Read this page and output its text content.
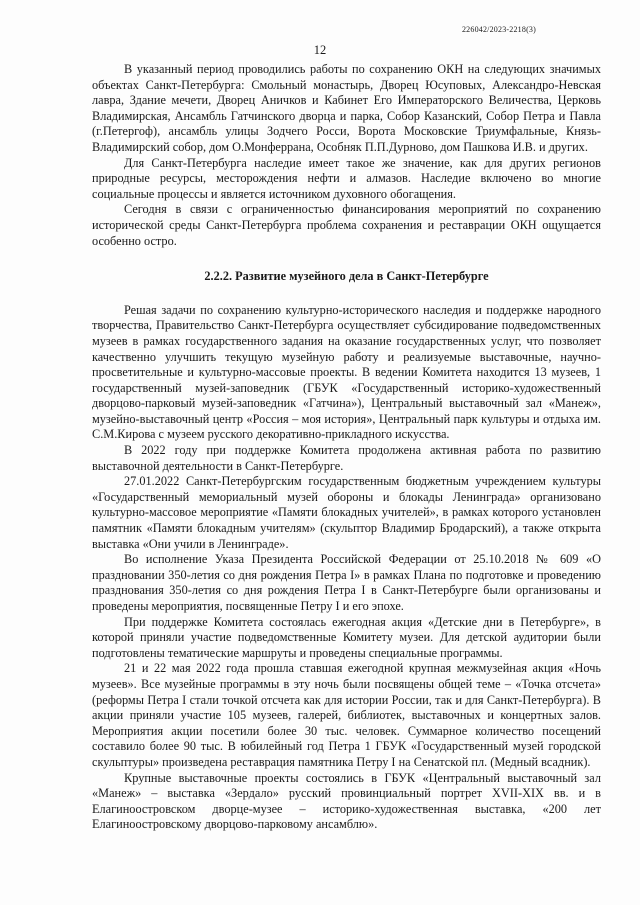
226042/2023-2218(3)
12

В указанный период проводились работы по сохранению ОКН на следующих значимых объектах Санкт-Петербурга: Смольный монастырь, Дворец Юсуповых, Александро-Невская лавра, Здание мечети, Дворец Аничков и Кабинет Его Императорского Величества, Церковь Владимирская, Ансамбль Гатчинского дворца и парка, Собор Казанский, Собор Петра и Павла (г.Петергоф), ансамбль улицы Зодчего Росси, Ворота Московские Триумфальные, Князь-Владимирский собор, дом О.Монферрана, Особняк П.П.Дурново, дом Пашкова И.В. и других.

Для Санкт-Петербурга наследие имеет такое же значение, как для других регионов природные ресурсы, месторождения нефти и алмазов. Наследие включено во многие социальные процессы и является источником духовного обогащения.

Сегодня в связи с ограниченностью финансирования мероприятий по сохранению исторической среды Санкт-Петербурга проблема сохранения и реставрации ОКН ощущается особенно остро.

2.2.2. Развитие музейного дела в Санкт-Петербурге

Решая задачи по сохранению культурно-исторического наследия и поддержке народного творчества, Правительство Санкт-Петербурга осуществляет субсидирование подведомственных музеев в рамках государственного задания на оказание государственных услуг, что позволяет качественно улучшить текущую музейную работу и реализуемые выставочные, научно-просветительные и культурно-массовые проекты. В ведении Комитета находится 13 музеев, 1 государственный музей-заповедник (ГБУК «Государственный историко-художественный дворцово-парковый музей-заповедник «Гатчина»), Центральный выставочный зал «Манеж», музейно-выставочный центр «Россия – моя история», Центральный парк культуры и отдыха им. С.М.Кирова с музеем русского декоративно-прикладного искусства.

В 2022 году при поддержке Комитета продолжена активная работа по развитию выставочной деятельности в Санкт-Петербурге.

27.01.2022 Санкт-Петербургским государственным бюджетным учреждением культуры «Государственный мемориальный музей обороны и блокады Ленинграда» организовано культурно-массовое мероприятие «Памяти блокадных учителей», в рамках которого установлен памятник «Памяти блокадным учителям» (скульптор Владимир Бродарский), а также открыта выставка «Они учили в Ленинграде».

Во исполнение Указа Президента Российской Федерации от 25.10.2018 № 609 «О праздновании 350-летия со дня рождения Петра I» в рамках Плана по подготовке и проведению празднования 350-летия со дня рождения Петра I в Санкт-Петербурге были организованы и проведены мероприятия, посвященные Петру I и его эпохе.

При поддержке Комитета состоялась ежегодная акция «Детские дни в Петербурге», в которой приняли участие подведомственные Комитету музеи. Для детской аудитории были подготовлены тематические маршруты и проведены специальные программы.

21 и 22 мая 2022 года прошла ставшая ежегодной крупная межмузейная акция «Ночь музеев». Все музейные программы в эту ночь были посвящены общей теме – «Точка отсчета» (реформы Петра I стали точкой отсчета как для истории России, так и для Санкт-Петербурга). В акции приняли участие 105 музеев, галерей, библиотек, выставочных и концертных залов. Мероприятия акции посетили более 30 тыс. человек. Суммарное количество посещений составило более 90 тыс. В юбилейный год Петра 1 ГБУК «Государственный музей городской скульптуры» произведена реставрация памятника Петру I на Сенатской пл. (Медный всадник).

Крупные выставочные проекты состоялись в ГБУК «Центральный выставочный зал «Манеж» – выставка «Зердало» русский провинциальный портрет XVII-XIX вв. и в Елагиноостровском дворце-музее – историко-художественная выставка, «200 лет Елагиноостровскому дворцово-парковому ансамблю».
